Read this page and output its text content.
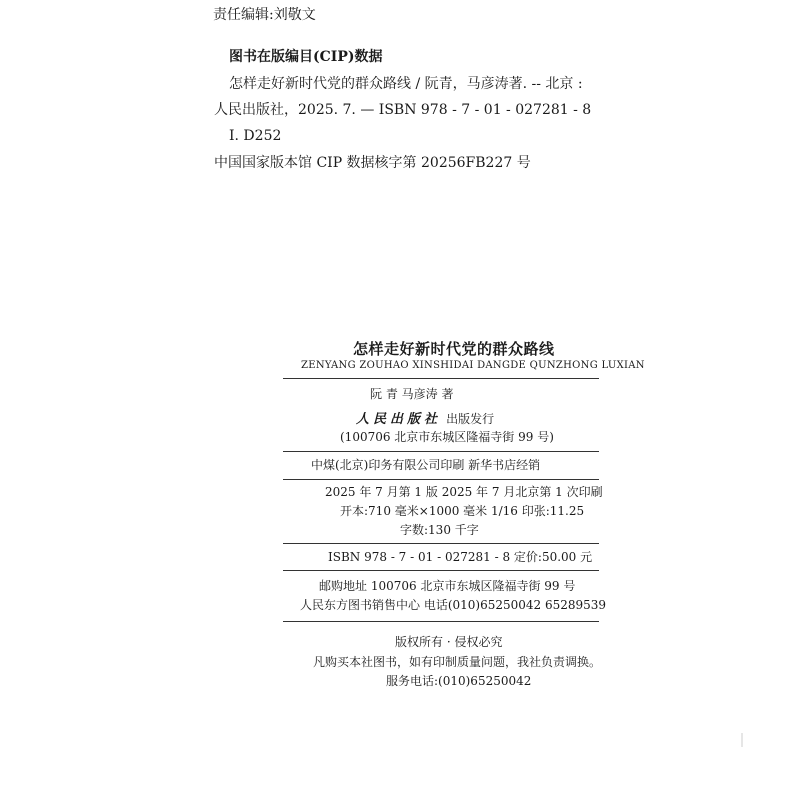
责任编辑:刘敬文

图书在版编目(CIP)数据

怎样走好新时代党的群众路线 / 阮青，马彦涛著. -- 北京 :

人民出版社，2025. 7. — ISBN 978 - 7 - 01 - 027281 - 8

Ⅰ. D252

中国国家版本馆 CIP 数据核字第 20256FB227 号

怎样走好新时代党的群众路线

ZENYANG ZOUHAO XINSHIDAI DANGDE QUNZHONG LUXIAN

阮 青 马彦涛 著

人民出版社 出版发行

(100706 北京市东城区隆福寺街 99 号)

中煤(北京)印务有限公司印刷 新华书店经销

2025 年 7 月第 1 版 2025 年 7 月北京第 1 次印刷

开本:710 毫米×1000 毫米 1/16 印张:11.25

字数:130 千字

ISBN 978 - 7 - 01 - 027281 - 8 定价:50.00 元

邮购地址 100706 北京市东城区隆福寺街 99 号

人民东方图书销售中心 电话(010)65250042 65289539

版权所有 · 侵权必究

凡购买本社图书，如有印制质量问题，我社负责调换。

服务电话:(010)65250042
